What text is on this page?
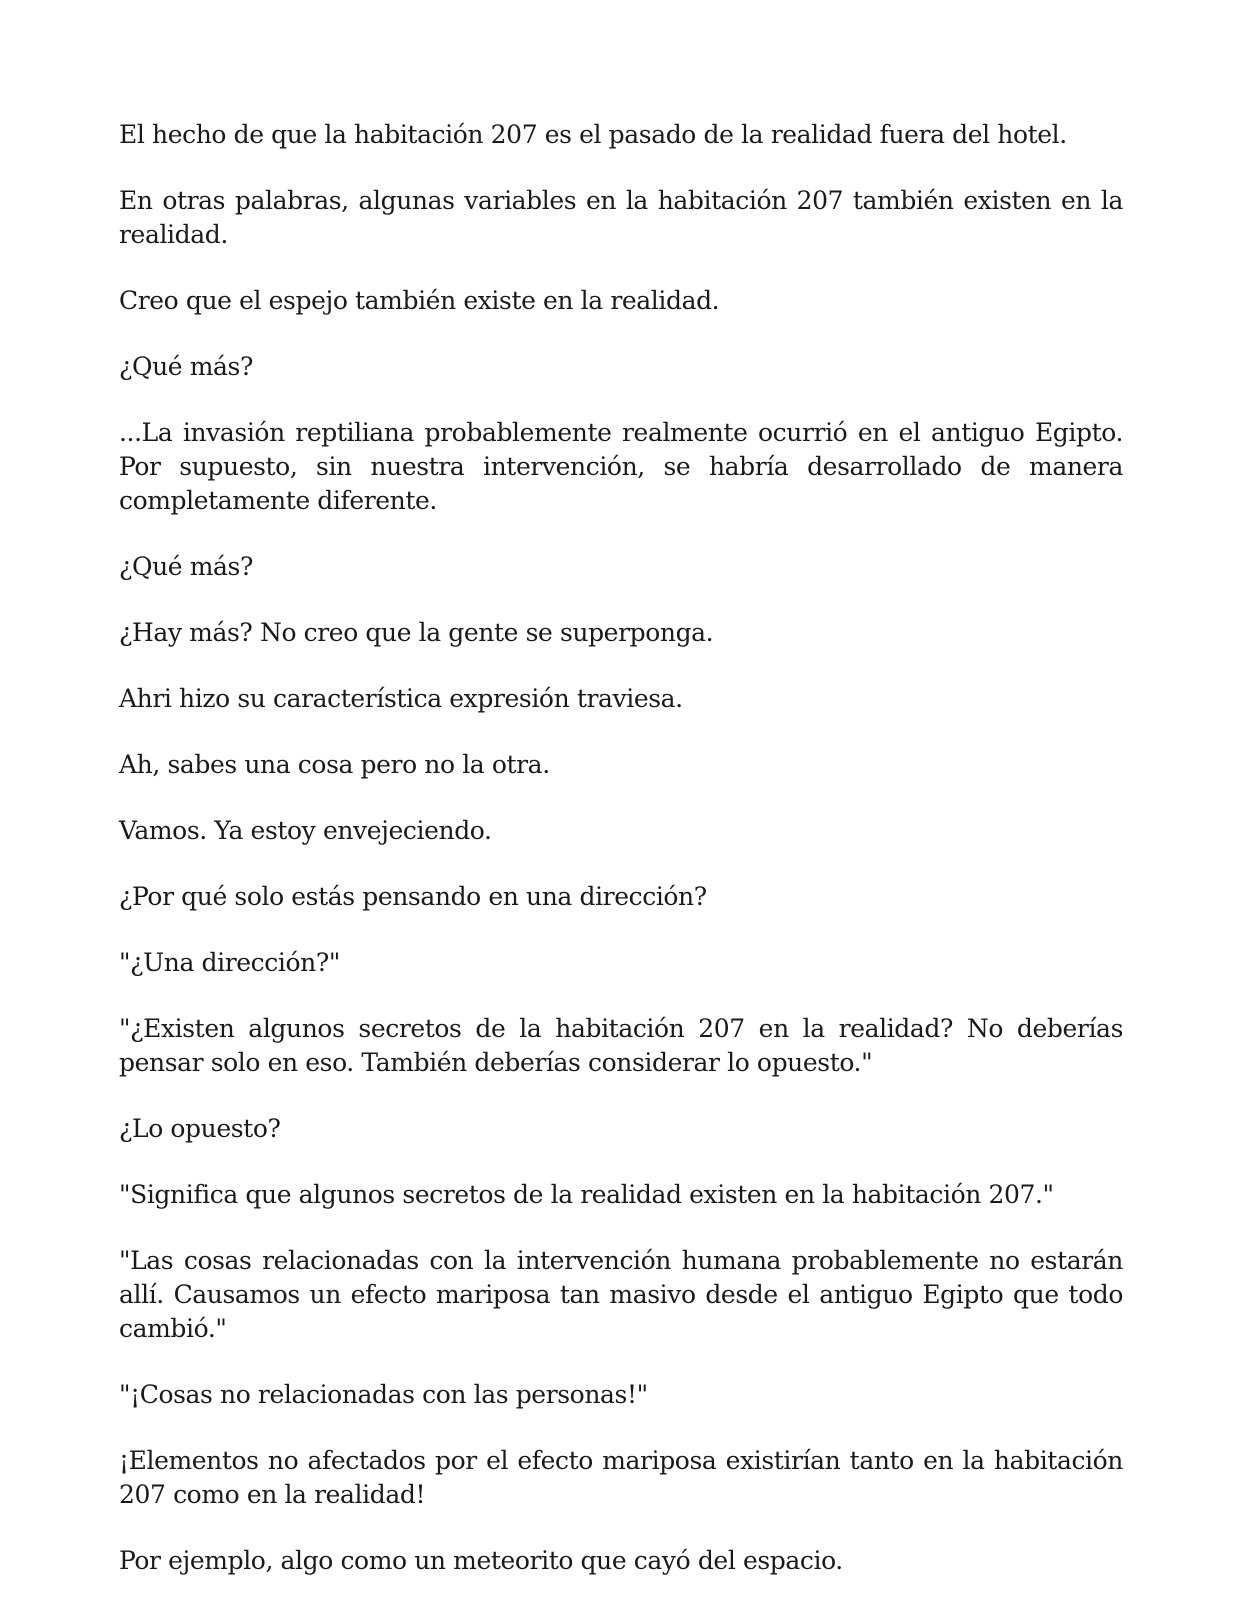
El hecho de que la habitación 207 es el pasado de la realidad fuera del hotel.

En otras palabras, algunas variables en la habitación 207 también existen en la realidad.

Creo que el espejo también existe en la realidad.

¿Qué más?

...La invasión reptiliana probablemente realmente ocurrió en el antiguo Egipto. Por supuesto, sin nuestra intervención, se habría desarrollado de manera completamente diferente.

¿Qué más?

¿Hay más? No creo que la gente se superponga.

Ahri hizo su característica expresión traviesa.

Ah, sabes una cosa pero no la otra.

Vamos. Ya estoy envejeciendo.

¿Por qué solo estás pensando en una dirección?

"¿Una dirección?"

"¿Existen algunos secretos de la habitación 207 en la realidad? No deberías pensar solo en eso. También deberías considerar lo opuesto."

¿Lo opuesto?

"Significa que algunos secretos de la realidad existen en la habitación 207."

"Las cosas relacionadas con la intervención humana probablemente no estarán allí. Causamos un efecto mariposa tan masivo desde el antiguo Egipto que todo cambió."

"¡Cosas no relacionadas con las personas!"

¡Elementos no afectados por el efecto mariposa existirían tanto en la habitación 207 como en la realidad!

Por ejemplo, algo como un meteorito que cayó del espacio.
